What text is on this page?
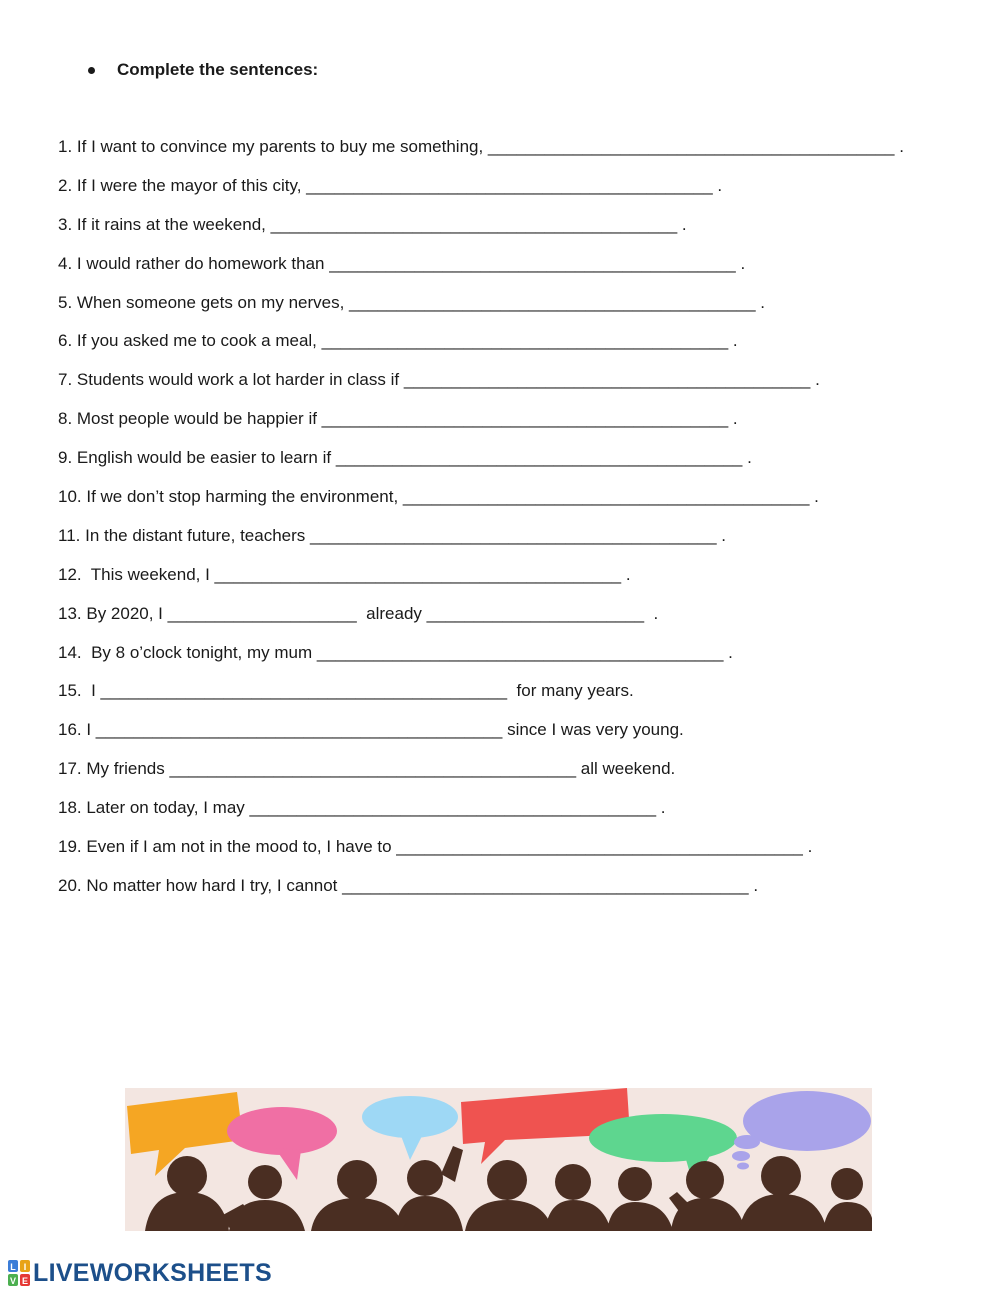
Complete the sentences:
1. If I want to convince my parents to buy me something, ___________________________________________ .
2. If I were the mayor of this city, ___________________________________________ .
3. If it rains at the weekend, ___________________________________________ .
4. I would rather do homework than ___________________________________________ .
5. When someone gets on my nerves, ___________________________________________ .
6. If you asked me to cook a meal, ___________________________________________ .
7. Students would work a lot harder in class if ___________________________________________ .
8. Most people would be happier if ___________________________________________ .
9. English would be easier to learn if ___________________________________________ .
10. If we don’t stop harming the environment, ___________________________________________ .
11. In the distant future, teachers ___________________________________________ .
12.  This weekend, I ___________________________________________ .
13. By 2020, I ____________________  already _______________________  .
14.  By 8 o’clock tonight, my mum ___________________________________________ .
15.  I ___________________________________________  for many years.
16. I ___________________________________________ since I was very young.
17. My friends ___________________________________________ all weekend.
18. Later on today, I may ___________________________________________ .
19. Even if I am not in the mood to, I have to ___________________________________________ .
20. No matter how hard I try, I cannot ___________________________________________ .
L I
V E LIVEWORKSHEETS
